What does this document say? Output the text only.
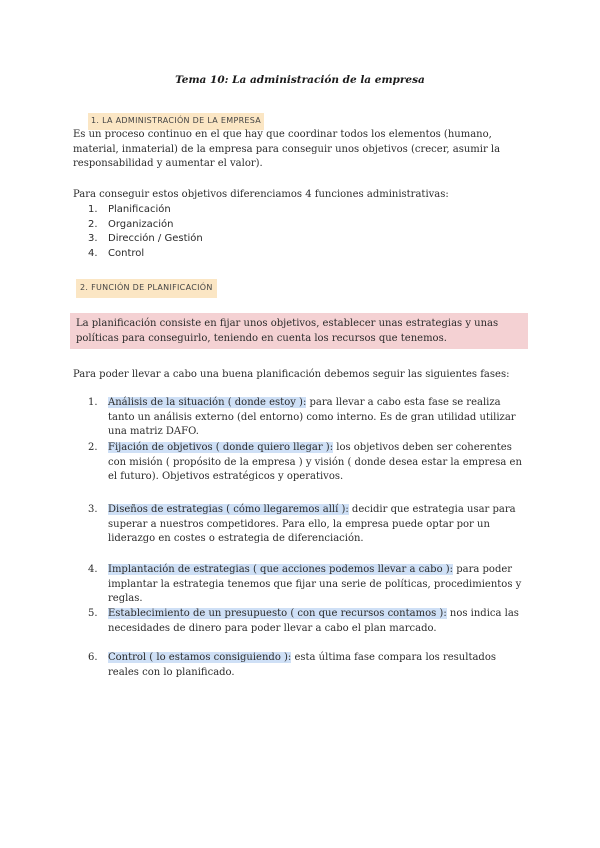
Tema 10: La administración de la empresa
1. LA ADMINISTRACIÓN DE LA EMPRESA
Es un proceso continuo en el que hay que coordinar todos los elementos (humano, material, inmaterial) de la empresa para conseguir unos objetivos (crecer, asumir la responsabilidad y aumentar el valor).
Para conseguir estos objetivos diferenciamos 4 funciones administrativas:
1. Planificación
2. Organización
3. Dirección / Gestión
4. Control
2. FUNCIÓN DE PLANIFICACIÓN
La planificación consiste en fijar unos objetivos, establecer unas estrategias y unas políticas para conseguirlo, teniendo en cuenta los recursos que tenemos.
Para poder llevar a cabo una buena planificación debemos seguir las siguientes fases:
1. Análisis de la situación ( donde estoy ): para llevar a cabo esta fase se realiza tanto un análisis externo (del entorno) como interno. Es de gran utilidad utilizar una matriz DAFO.
2. Fijación de objetivos ( donde quiero llegar ): los objetivos deben ser coherentes con misión ( propósito de la empresa ) y visión ( donde desea estar la empresa en el futuro). Objetivos estratégicos y operativos.
3. Diseños de estrategias ( cómo llegaremos allí ): decidir que estrategia usar para superar a nuestros competidores. Para ello, la empresa puede optar por un liderazgo en costes o estrategia de diferenciación.
4. Implantación de estrategias ( que acciones podemos llevar a cabo ): para poder implantar la estrategia tenemos que fijar una serie de políticas, procedimientos y reglas.
5. Establecimiento de un presupuesto ( con que recursos contamos ): nos indica las necesidades de dinero para poder llevar a cabo el plan marcado.
6. Control ( lo estamos consiguiendo ): esta última fase compara los resultados reales con lo planificado.
